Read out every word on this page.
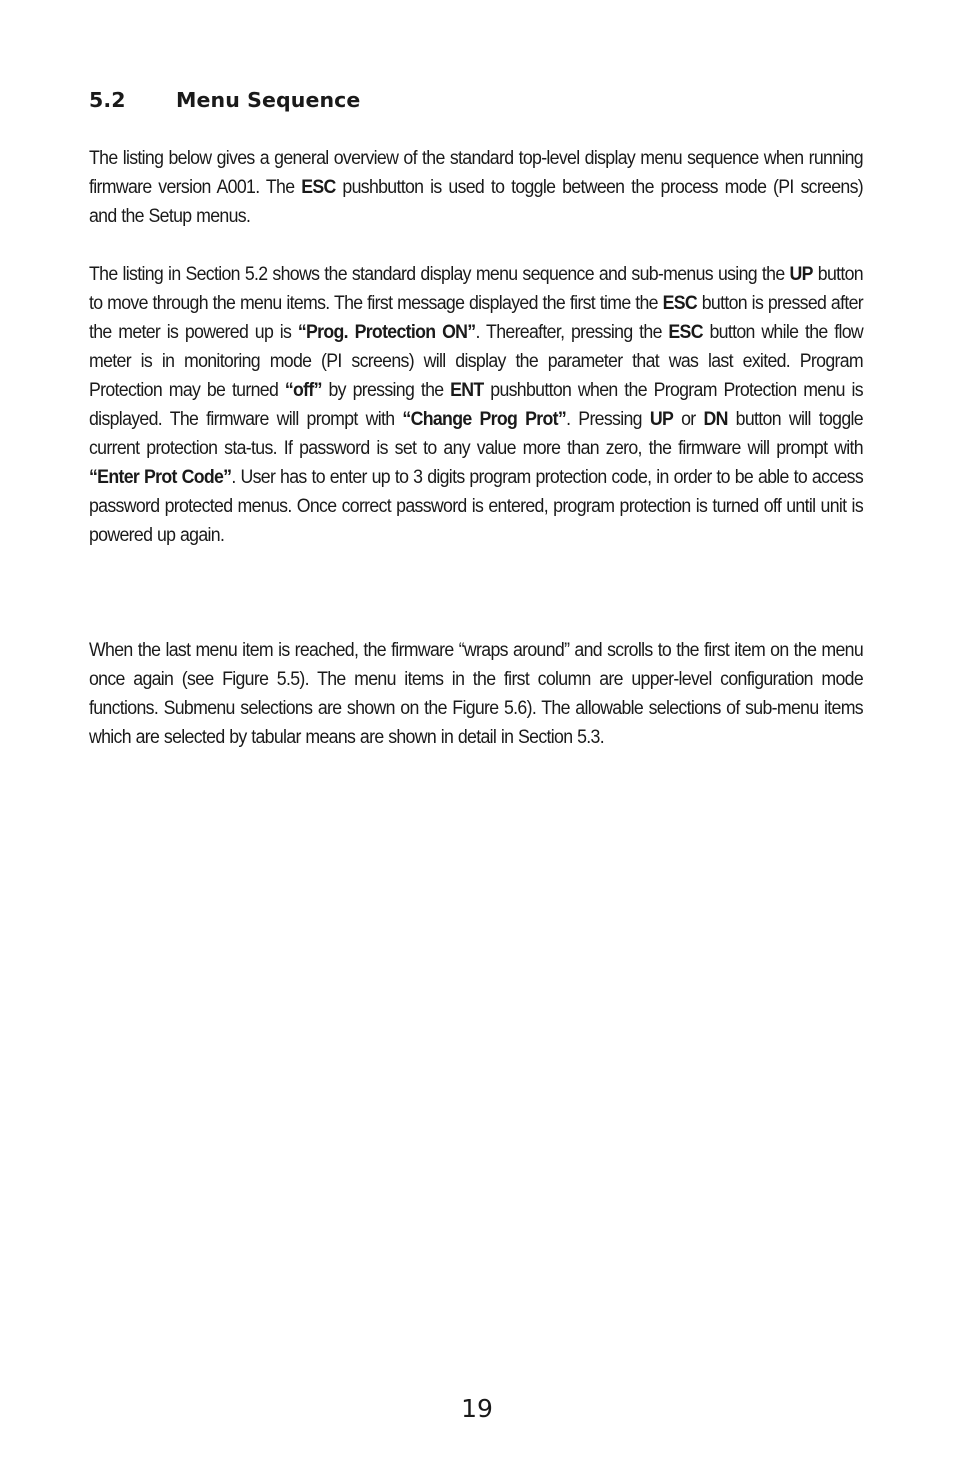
5.2 Menu Sequence

The listing below gives a general overview of the standard top-level display menu sequence when running firmware version A001. The ESC pushbutton is used to toggle between the process mode (PI screens) and the Setup menus.

The listing in Section 5.2 shows the standard display menu sequence and sub-menus using the UP button to move through the menu items. The first message displayed the first time the ESC button is pressed after the meter is powered up is “Prog. Protection ON”. Thereafter, pressing the ESC button while the flow meter is in monitoring mode (PI screens) will display the parameter that was last exited. Program Protection may be turned “off” by pressing the ENT pushbutton when the Program Protection menu is displayed. The firmware will prompt with “Change Prog Prot”. Pressing UP or DN button will toggle current protection sta-tus. If password is set to any value more than zero, the firmware will prompt with “Enter Prot Code”. User has to enter up to 3 digits program protection code, in order to be able to access password protected menus. Once correct password is entered, program protection is turned off until unit is powered up again.

When the last menu item is reached, the firmware “wraps around” and scrolls to the first item on the menu once again (see Figure 5.5). The menu items in the first column are upper-level configuration mode functions. Submenu selections are shown on the Figure 5.6). The allowable selections of sub-menu items which are selected by tabular means are shown in detail in Section 5.3.

19
